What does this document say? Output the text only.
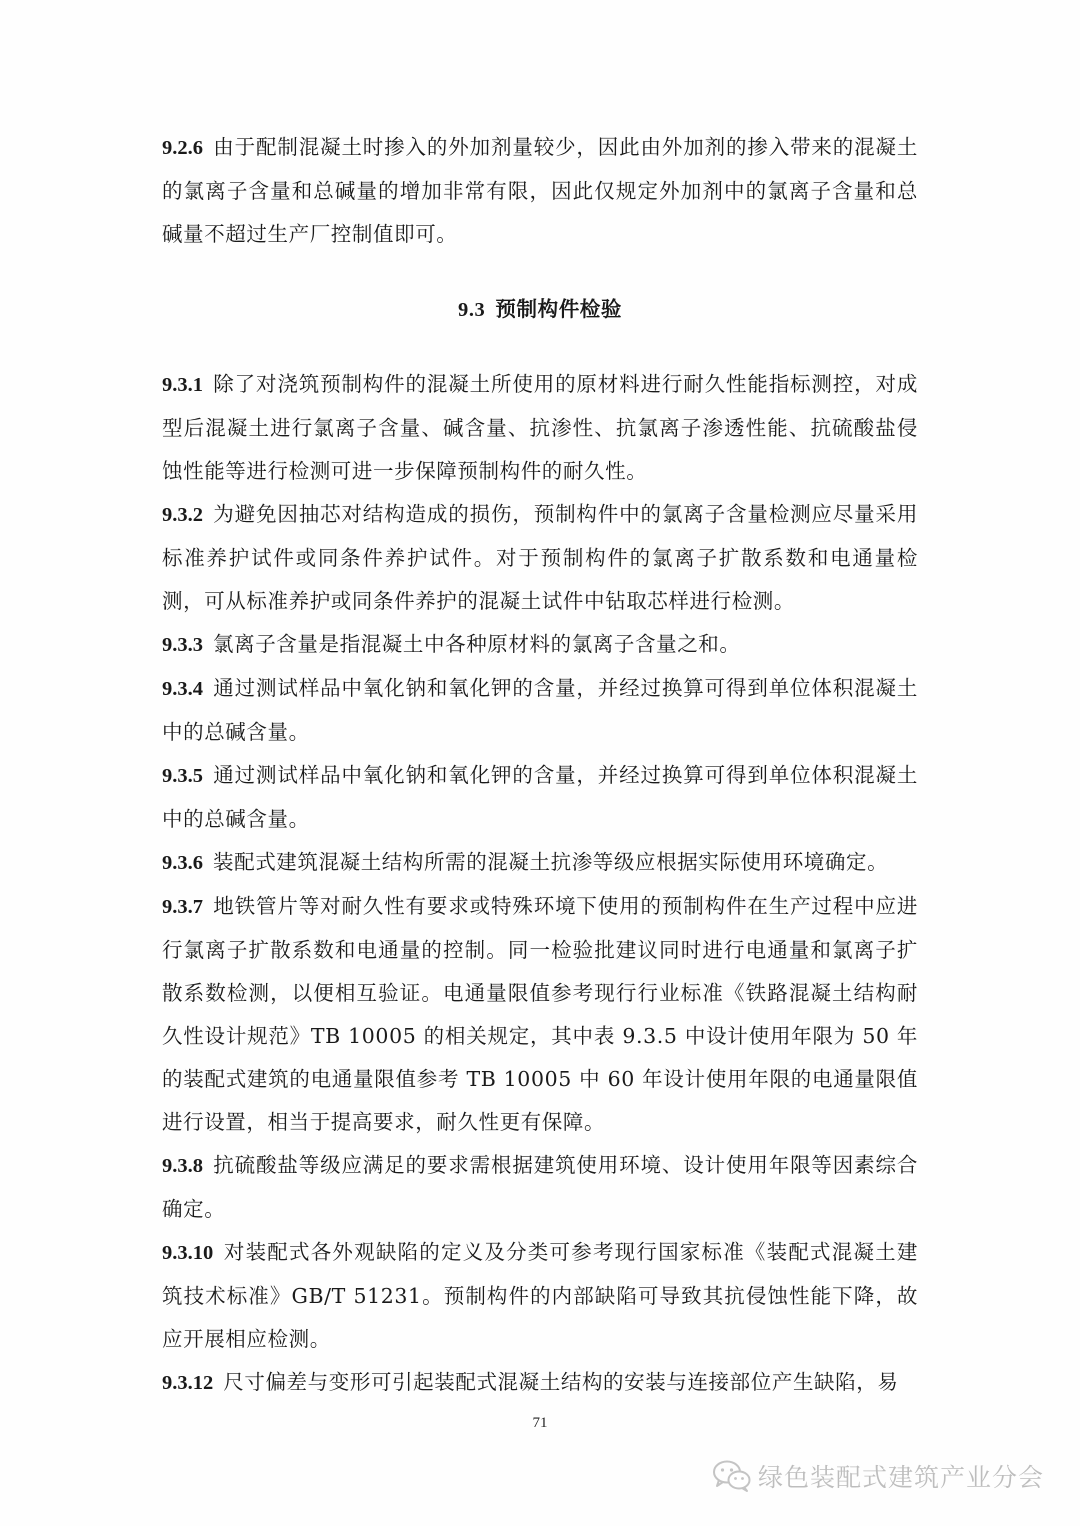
9.2.6 由于配制混凝土时掺入的外加剂量较少，因此由外加剂的掺入带来的混凝土的氯离子含量和总碱量的增加非常有限，因此仅规定外加剂中的氯离子含量和总碱量不超过生产厂控制值即可。

9.3 预制构件检验

9.3.1 除了对浇筑预制构件的混凝土所使用的原材料进行耐久性能指标测控，对成型后混凝土进行氯离子含量、碱含量、抗渗性、抗氯离子渗透性能、抗硫酸盐侵蚀性能等进行检测可进一步保障预制构件的耐久性。

9.3.2 为避免因抽芯对结构造成的损伤，预制构件中的氯离子含量检测应尽量采用标准养护试件或同条件养护试件。对于预制构件的氯离子扩散系数和电通量检测，可从标准养护或同条件养护的混凝土试件中钻取芯样进行检测。

9.3.3 氯离子含量是指混凝土中各种原材料的氯离子含量之和。

9.3.4 通过测试样品中氧化钠和氧化钾的含量，并经过换算可得到单位体积混凝土中的总碱含量。

9.3.5 通过测试样品中氧化钠和氧化钾的含量，并经过换算可得到单位体积混凝土中的总碱含量。

9.3.6 装配式建筑混凝土结构所需的混凝土抗渗等级应根据实际使用环境确定。

9.3.7 地铁管片等对耐久性有要求或特殊环境下使用的预制构件在生产过程中应进行氯离子扩散系数和电通量的控制。同一检验批建议同时进行电通量和氯离子扩散系数检测，以便相互验证。电通量限值参考现行行业标准《铁路混凝土结构耐久性设计规范》TB 10005 的相关规定，其中表 9.3.5 中设计使用年限为 50 年的装配式建筑的电通量限值参考 TB 10005 中 60 年设计使用年限的电通量限值进行设置，相当于提高要求，耐久性更有保障。

9.3.8 抗硫酸盐等级应满足的要求需根据建筑使用环境、设计使用年限等因素综合确定。

9.3.10 对装配式各外观缺陷的定义及分类可参考现行国家标准《装配式混凝土建筑技术标准》GB/T 51231。预制构件的内部缺陷可导致其抗侵蚀性能下降，故应开展相应检测。

9.3.12 尺寸偏差与变形可引起装配式混凝土结构的安装与连接部位产生缺陷，易

71
绿色装配式建筑产业分会
